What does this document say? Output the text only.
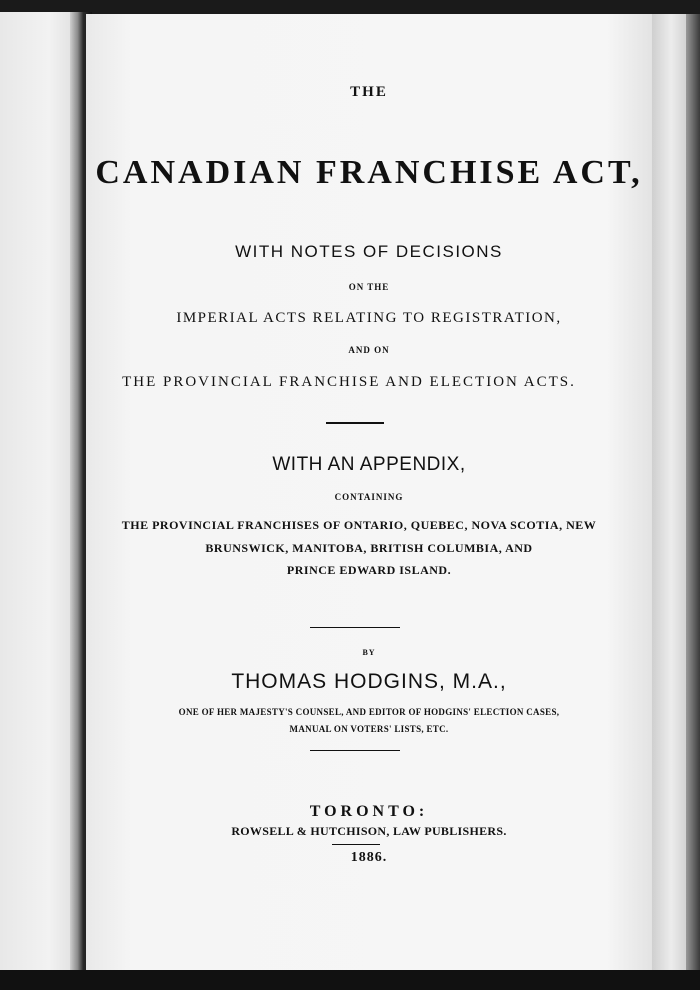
THE
CANADIAN FRANCHISE ACT,
WITH NOTES OF DECISIONS
ON THE
IMPERIAL ACTS RELATING TO REGISTRATION,
AND ON
THE PROVINCIAL FRANCHISE AND ELECTION ACTS.
WITH AN APPENDIX,
CONTAINING
THE PROVINCIAL FRANCHISES OF ONTARIO, QUEBEC, NOVA SCOTIA, NEW
BRUNSWICK, MANITOBA, BRITISH COLUMBIA, AND
PRINCE EDWARD ISLAND.
BY
THOMAS HODGINS, M.A.,
ONE OF HER MAJESTY'S COUNSEL, AND EDITOR OF HODGINS' ELECTION CASES,
MANUAL ON VOTERS' LISTS, ETC.
TORONTO:
ROWSELL & HUTCHISON, LAW PUBLISHERS.
1886.
